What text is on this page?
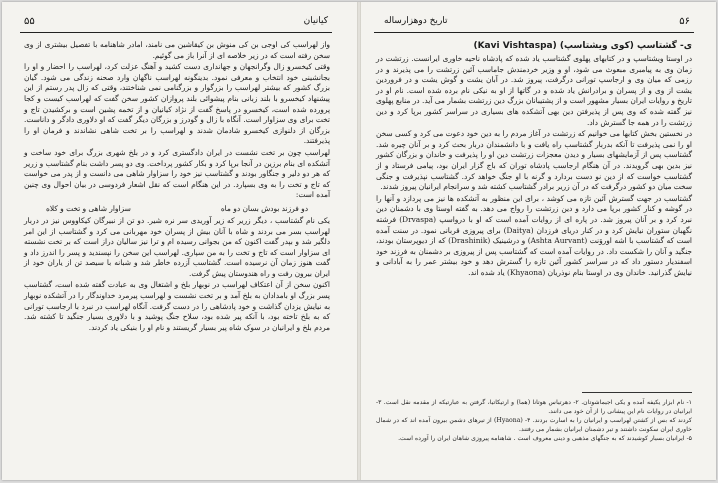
۵۵	کیانیان

واز لهراسب کی اوجی بن کی منوش بن کیقاشین می نامند، امادر شاهنامه با تفصیل بیشتری از وی سخن رفته است که در زیر خلاصه ای از آنرا باز می گوئیم.

وقتی کیخسرو زال وگرانجهان و جهانداری دست کشید و آهنگ عزلت کرد، لهراسب را احضار و او را بجانشینی خود انتخاب و معرفی نمود. بدینگونه لهراسب ناگهان وارد صحنه زندگی می شود. گیان بزرگ کشور که بیشتر لهراسب را بزرگوار و بزرگنامی نمی شناختند، وقتی که زال پدر رستم از این پیشنهاد کیخسرو با بلند زبانی بنام پیشوائی بلند پروازان کشور سخن گفت که لهراسب کیست و کجا پرورده شده است، کیخسرو در پاسخ گفت از نژاد کیانیان و از تخمه پشین است و برکشیدن تاج و تخت برای وی سزاوار است. آنگاه با زال و گودرز و بزرگان دیگر گفت که او دلاوری دادگر و داناست. بزرگان از دلنوازی کیخسرو شادمان شدند و لهراسب را بر تخت شاهی نشاندند و فرمان او را پذیرفتند.

لهراسب چون بر تخت نشست در ایران دادگستری کرد و در بلخ شهری بزرگ برای خود ساخت و آتشکده ای بنام برزین در آنجا برپا کرد و بکار کشور پرداخت. وی دو پسر داشت بنام گشتاسب و زریر که هر دو دلیر و جنگاور بودند و گشتاسب نیز خود را سزاوار شاهی می دانست و از پدر می خواست که تاج و تخت را به وی بسپارد. در این هنگام است که نقل اشعار فردوسی در بیان احوال وی چنین آمده است:

دو فرزند بودش بسان دو ماه
سزاوار شاهی و تخت و کلاه

یکی نام گشتاسب ، دیگر زریر که زیر آوریدی سر نره شیر. دو تن از نبیرگان کیکاووس نیز در دربار لهراسب بسر می بردند و شاه با آنان بیش از پسران خود مهربانی می کرد و گشتاسب از این امر دلگیر شد و بپدر گفت اکنون که من بجوانی رسیده ام و ترا نیز سالیان دراز است که بر تخت نشسته ای سزاوار است که تاج و تخت را به من سپاری. لهراسب این سخن را نپسندید و پسر را اندرز داد و گفت هنوز زمان آن نرسیده است. گشتاسب آزرده خاطر شد و شبانه با سیصد تن از یاران خود از ایران بیرون رفت و راه هندوستان پیش گرفت.

اکنون سخن از آن اعتکاف لهراسب در نوبهار بلخ و اشتغال وی به عبادت گفته شده است، گشتاسب پسر بزرگ او بامدادان به بلخ آمد و بر تخت نشست و لهراسب پیرمرد خداوندگار را در آتشکده نوبهار به نیایش یزدان گذاشت و خود پادشاهی را در دست گرفت. آنگاه لهراسب در نبرد با ارجاسب تورانی که به بلخ تاخته بود، با آنکه پیر شده بود، سلاح جنگ پوشید و با دلاوری بسیار جنگید تا کشته شد. مردم بلخ و ایرانیان در سوک شاه پیر بسیار گریستند و نام او را بنیکی یاد کردند.

تاریخ دوهزارساله	۵۶
ی- گشتاسپ (کوی ویشتاسپ) (Kavi Vishtaspa)

در اوستا ویشتاسپ و در کتابهای پهلوی گشتاسب یاد شده که پادشاه ناحیه خاوری ایرانست. زرتشت در زمان وی به پیامبری مبعوث می شود، او و وزیر خردمندش جاماسب آئین زرتشت را می پذیرند و در رزمی که میان وی و ارجاسپ تورانی درگرفت، پیروز شد. در آبان یشت و گوش یشت و در فروردین یشت از وی و از پسران و برادرانش یاد شده و در گاتها از او به نیکی نام برده شده است. نام او در تاریخ و روایات ایران بسیار مشهور است و از پشتیبانان بزرگ دین زرتشت بشمار می آید. در منابع پهلوی نیز گفته شده که وی پس از پذیرفتن دین بهی آتشکده های بسیاری در سراسر کشور برپا کرد و دین زرتشت را در همه جا گسترش داد.

در نخستین بخش کتابها می خوانیم که زرتشت در آغاز مردم را به دین خود دعوت می کرد و کسی سخن او را نمی پذیرفت تا آنکه بدربار گشتاسب راه یافت و با دانشمندان دربار بحث کرد و بر آنان چیره شد. گشتاسب پس از آزمایشهای بسیار و دیدن معجزات زرتشت دین او را پذیرفت و خاندان و بزرگان کشور نیز بدین بهی گرویدند. در آن هنگام ارجاسب پادشاه توران که باج گزار ایران بود، پیامی فرستاد و از گشتاسب خواست که از دین نو دست بردارد و گرنه با او جنگ خواهد کرد. گشتاسب نپذیرفت و جنگی سخت میان دو کشور درگرفت که در آن زریر برادر گشتاسب کشته شد و سرانجام ایرانیان پیروز شدند.

گشتاسب در جهت گسترش آئین تازه می کوشد ، برای این منظور به آتشکده ها نیز می پردازد و آنها را در گوشه و کنار کشور برپا می دارد و دین زرتشت را رواج می دهد. به گفته اوستا وی با دشمنان دین نبرد کرد و بر آنان پیروز شد. در پاره ای از روایات آمده است که او با درواسپ (Drvaspa) فرشته نگهبان ستوران نیایش کرد و در کنار دریای فرزدان (Daitya) برای پیروزی قربانی نمود. در سنت آمده است که گشتاسب با اشه اوروَنت (Ashta Aurvant) و درشینیک (Drashinik) که از دیوپرستان بودند، جنگید و آنان را شکست داد. در روایات آمده است که گشتاسب پس از پیروزی بر دشمنان به فرزند خود اسفندیار دستور داد که در سراسر کشور آئین تازه را گسترش دهد و خود بیشتر عمر را به آبادانی و نیایش گذرانید. خاندان وی در اوستا بنام نوذریان (Khyaona) یاد شده اند.

۱- نام ابزار یکیفه آمده و یکی اجیماشوتان. ۲- دهرتیاس هوتانا (هما) و ارتیکاتیا، گرفتن به عبارتیکه از مقدمه نقل است. ۳- ایرانیان در روایات نام این پیشانی را از آن خود می دانند.

کردند که بس از کشتن لهراسب و ایرانیان را به اسارت بردند. ۴- (Hyaona) از تیرهای دشمن بیرون آمده اند که در شمال خاوری ایران سکونت داشتند و تیر دشمنان ایرانیان بشمار می رفتند.

۵- ایرانیان بسیار کوشیدند که به جنگهای مذهبی و دینی معروف است . شاهنامه پیروزی شاهان ایران را آورده است.
